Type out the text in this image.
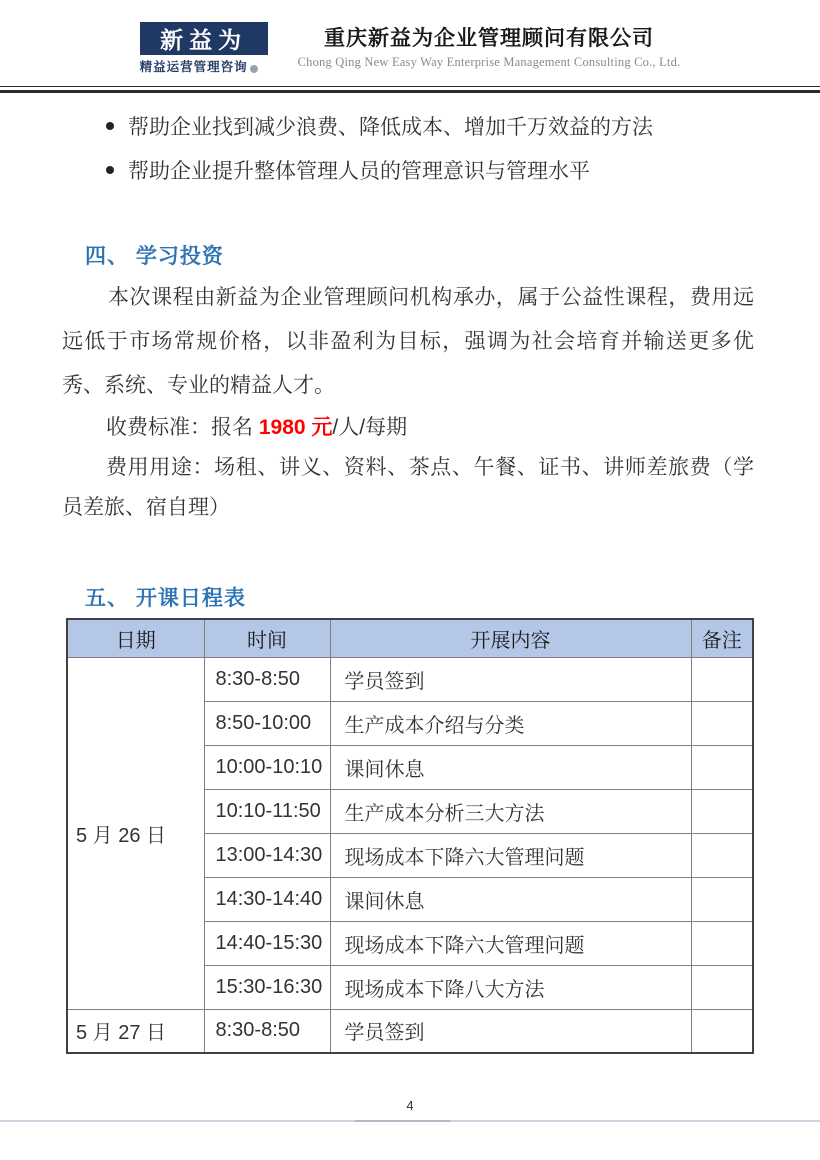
新益为
精益运营管理咨询
重庆新益为企业管理顾问有限公司
Chong Qing New Easy Way Enterprise Management Consulting Co., Ltd.
帮助企业找到减少浪费、降低成本、增加千万效益的方法
帮助企业提升整体管理人员的管理意识与管理水平
四、 学习投资
本次课程由新益为企业管理顾问机构承办，属于公益性课程，费用远远低于市场常规价格，以非盈利为目标，强调为社会培育并输送更多优秀、系统、专业的精益人才。
收费标准：报名 1980 元/人/每期
费用用途：场租、讲义、资料、茶点、午餐、证书、讲师差旅费（学员差旅、宿自理）
五、 开课日程表
日期	时间	开展内容	备注
5 月 26 日	8:30-8:50	学员签到	
	8:50-10:00	生产成本介绍与分类	
	10:00-10:10	课间休息	
	10:10-11:50	生产成本分析三大方法	
	13:00-14:30	现场成本下降六大管理问题	
	14:30-14:40	课间休息	
	14:40-15:30	现场成本下降六大管理问题	
	15:30-16:30	现场成本下降八大方法	
5 月 27 日	8:30-8:50	学员签到	
4
